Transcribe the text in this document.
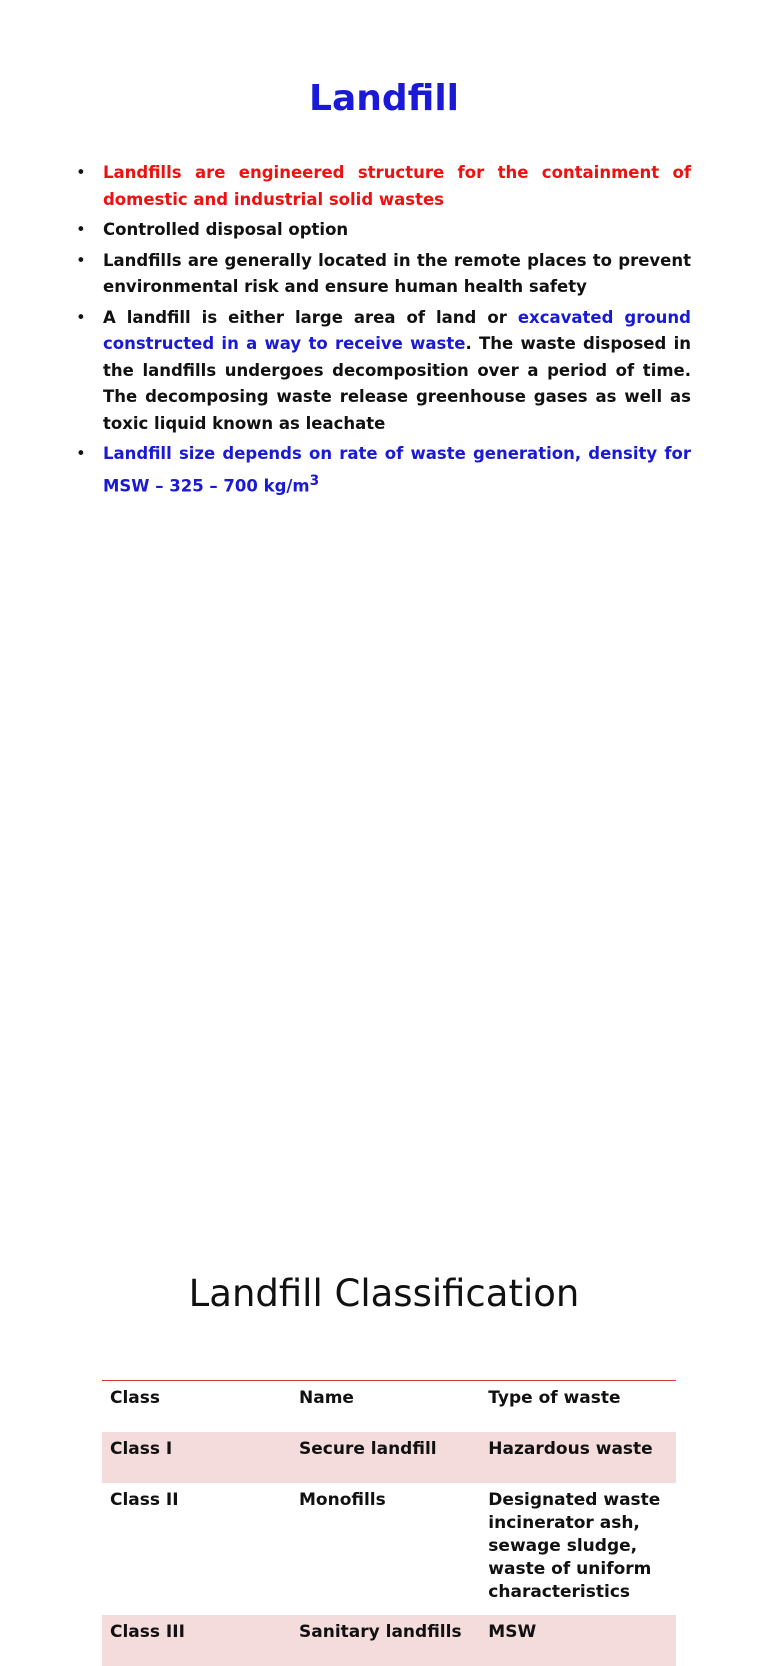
Landfill
• Landfills are engineered structure for the containment of domestic and industrial solid wastes
• Controlled disposal option
• Landfills are generally located in the remote places to prevent environmental risk and ensure human health safety
• A landfill is either large area of land or excavated ground constructed in a way to receive waste. The waste disposed in the landfills undergoes decomposition over a period of time. The decomposing waste release greenhouse gases as well as toxic liquid known as leachate
• Landfill size depends on rate of waste generation, density for MSW – 325 – 700 $kg/m^3$
Landfill Classification
Class	Name	Type of waste
Class I	Secure landfill	Hazardous waste
Class II	Monofills	Designated waste incinerator ash, sewage sludge, waste of uniform characteristics
Class III	Sanitary landfills	MSW
